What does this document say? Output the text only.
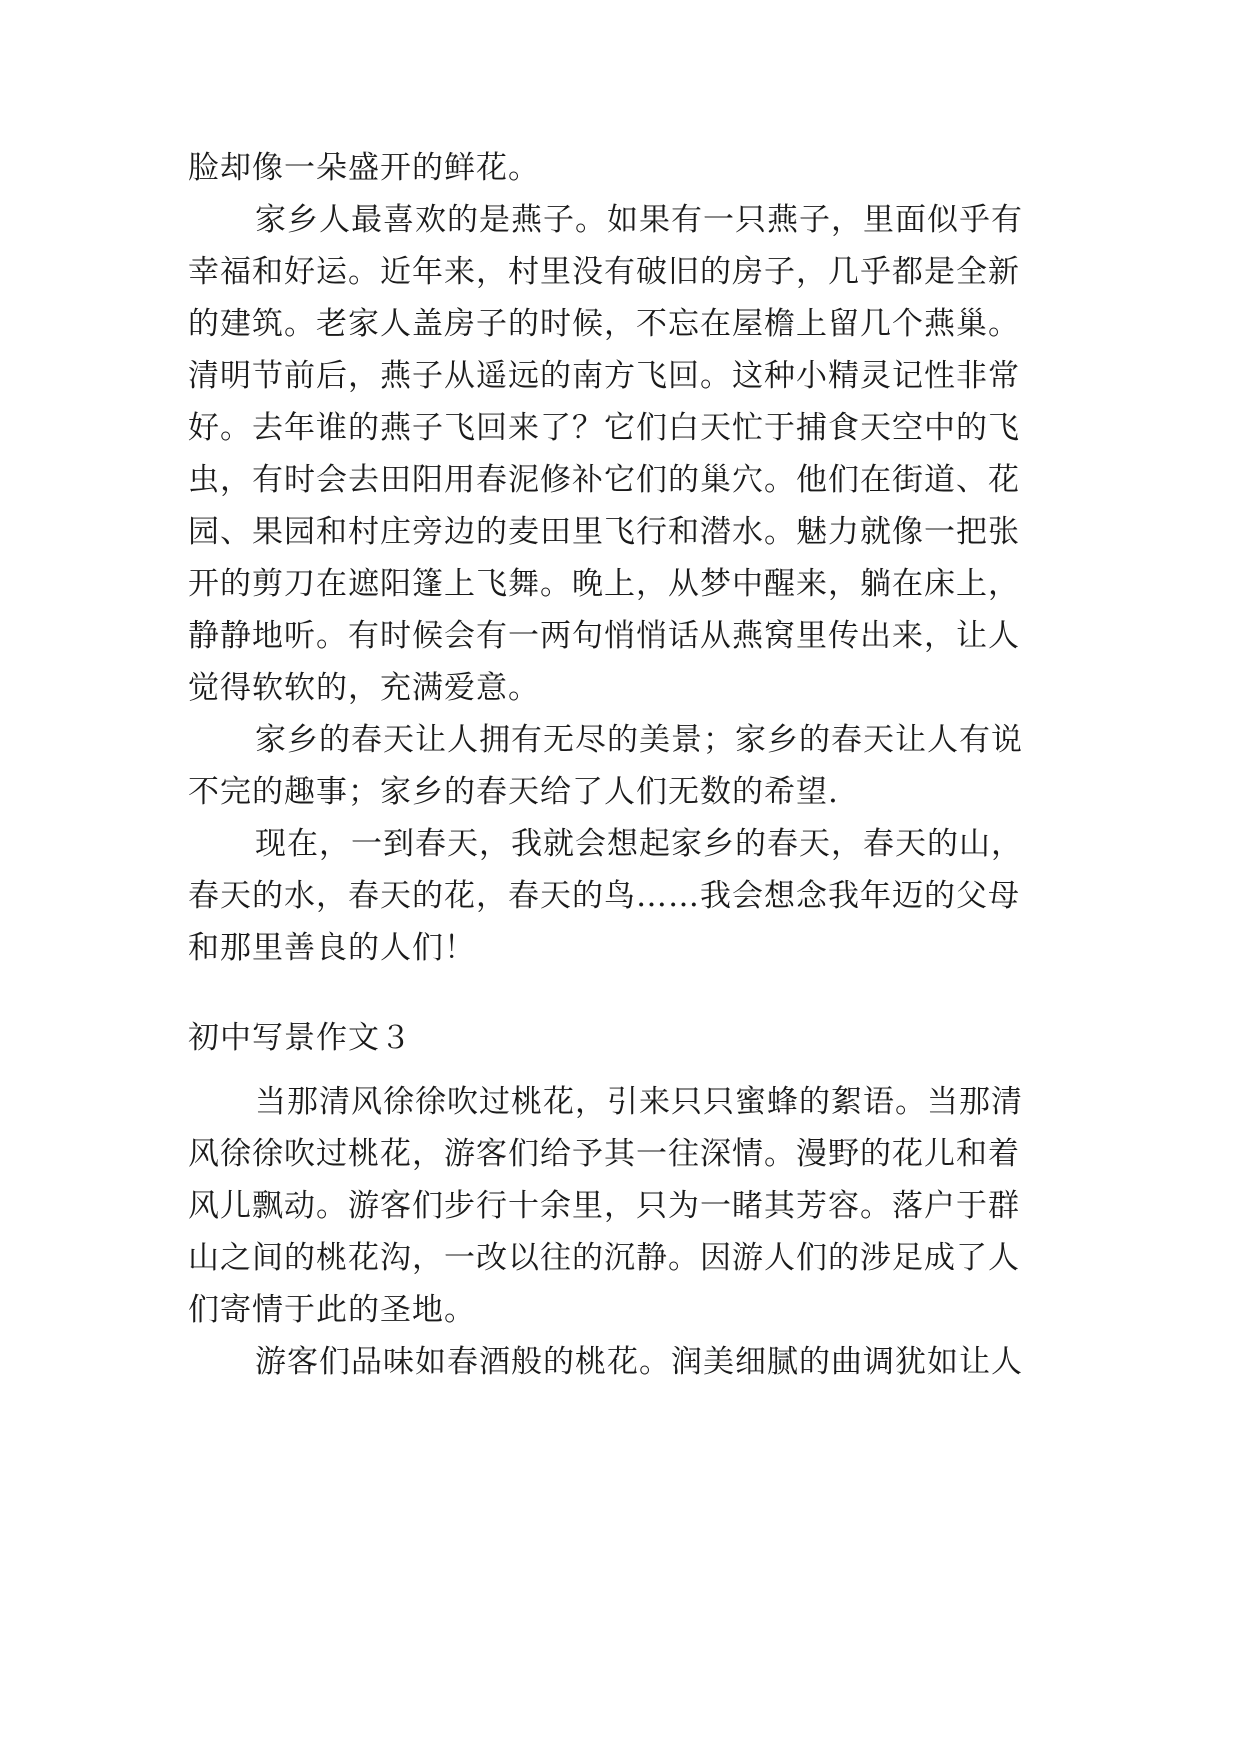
脸却像一朵盛开的鲜花。
家乡人最喜欢的是燕子。如果有一只燕子，里面似乎有
幸福和好运。近年来，村里没有破旧的房子，几乎都是全新
的建筑。老家人盖房子的时候，不忘在屋檐上留几个燕巢。
清明节前后，燕子从遥远的南方飞回。这种小精灵记性非常
好。去年谁的燕子飞回来了？它们白天忙于捕食天空中的飞
虫，有时会去田阳用春泥修补它们的巢穴。他们在街道、花
园、果园和村庄旁边的麦田里飞行和潜水。魅力就像一把张
开的剪刀在遮阳篷上飞舞。晚上，从梦中醒来，躺在床上，
静静地听。有时候会有一两句悄悄话从燕窝里传出来，让人
觉得软软的，充满爱意。
家乡的春天让人拥有无尽的美景；家乡的春天让人有说
不完的趣事；家乡的春天给了人们无数的希望.
现在，一到春天，我就会想起家乡的春天，春天的山，
春天的水，春天的花，春天的鸟……我会想念我年迈的父母
和那里善良的人们！
初中写景作文３
当那清风徐徐吹过桃花，引来只只蜜蜂的絮语。当那清
风徐徐吹过桃花，游客们给予其一往深情。漫野的花儿和着
风儿飘动。游客们步行十余里，只为一睹其芳容。落户于群
山之间的桃花沟，一改以往的沉静。因游人们的涉足成了人
们寄情于此的圣地。
游客们品味如春酒般的桃花。润美细腻的曲调犹如让人
